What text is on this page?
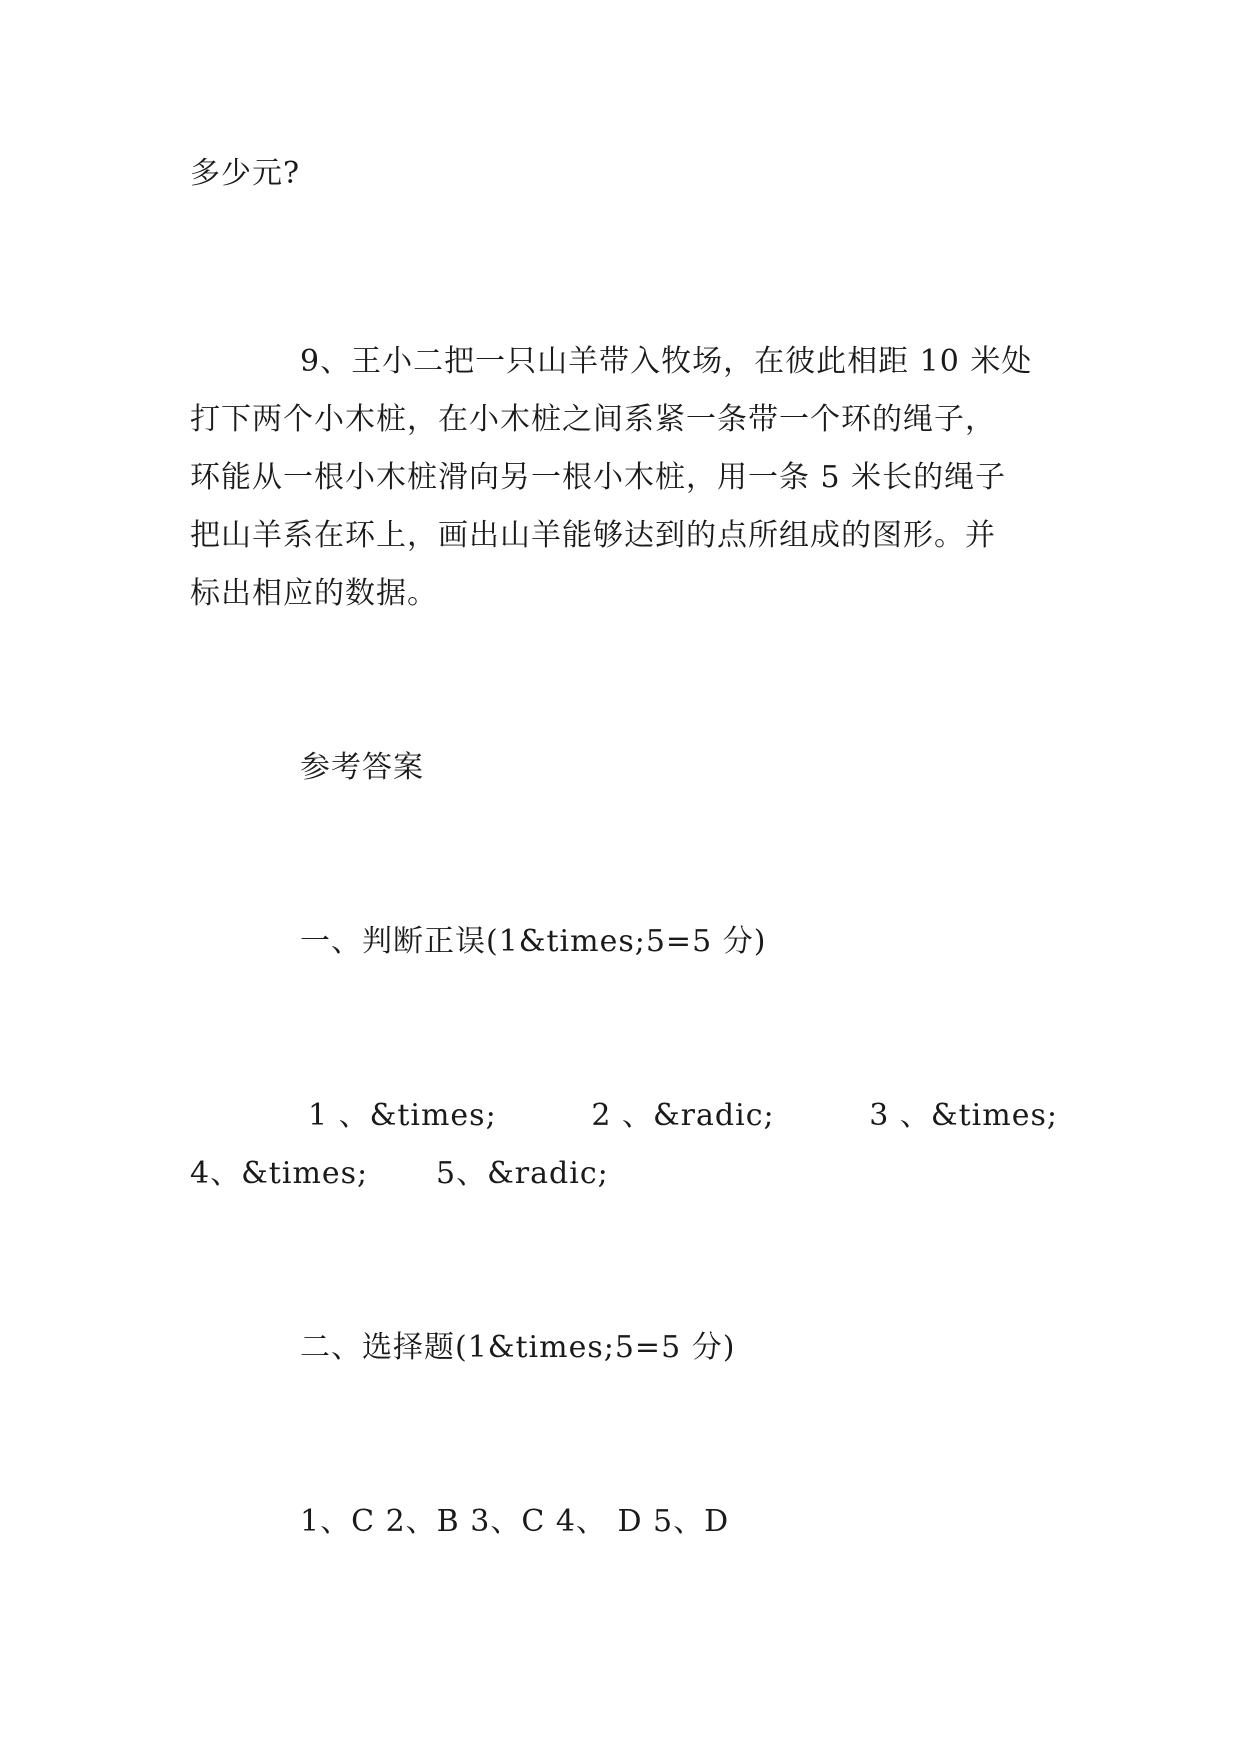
多少元?
9、王小二把一只山羊带入牧场，在彼此相距 10 米处
打下两个小木桩，在小木桩之间系紧一条带一个环的绳子，
环能从一根小木桩滑向另一根小木桩，用一条 5 米长的绳子
把山羊系在环上，画出山羊能够达到的点所组成的图形。并
标出相应的数据。
参考答案
一、判断正误(1&times;5=5 分)
1 、&times;	2 、&radic;	3 、&times;
4、&times; 5、&radic;
二、选择题(1&times;5=5 分)
1、C 2、B 3、C 4、 D 5、D
